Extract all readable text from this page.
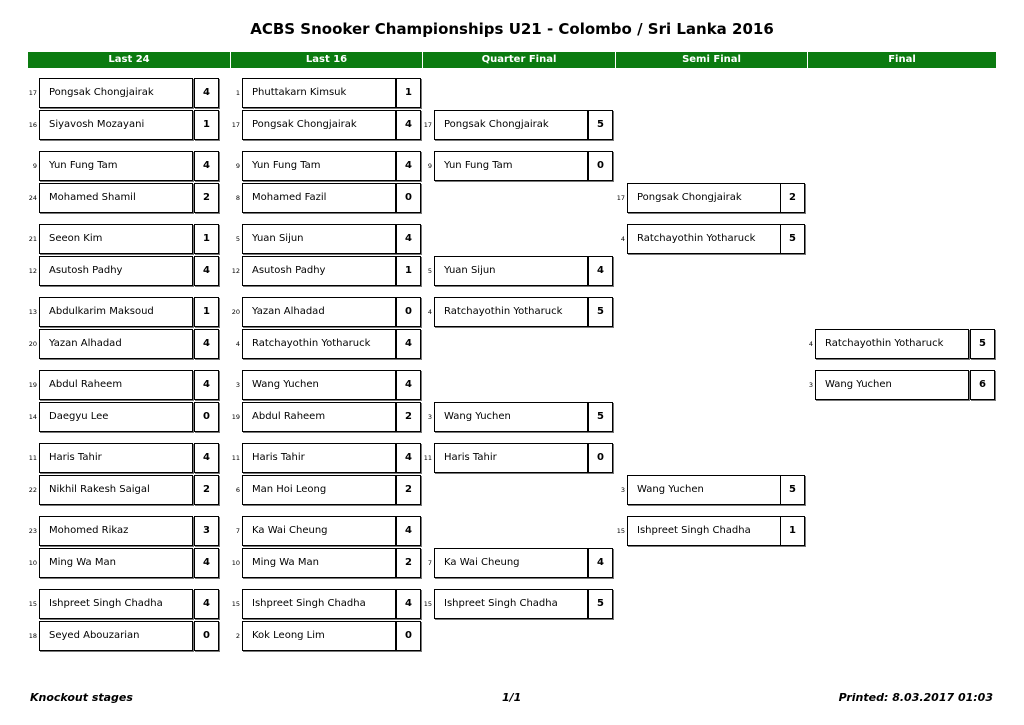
ACBS Snooker Championships U21 - Colombo / Sri Lanka 2016
Last 24
17	Pongsak Chongjairak	4
16	Siyavosh Mozayani	1
9	Yun Fung Tam	4
24	Mohamed Shamil	2
21	Seeon Kim	1
12	Asutosh Padhy	4
13	Abdulkarim Maksoud	1
20	Yazan Alhadad	4
19	Abdul Raheem	4
14	Daegyu Lee	0
11	Haris Tahir	4
22	Nikhil Rakesh Saigal	2
23	Mohomed Rikaz	3
10	Ming Wa Man	4
15	Ishpreet Singh Chadha	4
18	Seyed Abouzarian	0
Last 16
1	Phuttakarn Kimsuk	1
17	Pongsak Chongjairak	4
9	Yun Fung Tam	4
8	Mohamed Fazil	0
5	Yuan Sijun	4
12	Asutosh Padhy	1
20	Yazan Alhadad	0
4	Ratchayothin Yotharuck	4
3	Wang Yuchen	4
19	Abdul Raheem	2
11	Haris Tahir	4
6	Man Hoi Leong	2
7	Ka Wai Cheung	4
10	Ming Wa Man	2
15	Ishpreet Singh Chadha	4
2	Kok Leong Lim	0
Quarter Final
17	Pongsak Chongjairak	5
9	Yun Fung Tam	0
5	Yuan Sijun	4
4	Ratchayothin Yotharuck	5
3	Wang Yuchen	5
11	Haris Tahir	0
7	Ka Wai Cheung	4
15	Ishpreet Singh Chadha	5
Semi Final
17	Pongsak Chongjairak	2
4	Ratchayothin Yotharuck	5
3	Wang Yuchen	5
15	Ishpreet Singh Chadha	1
Final
4	Ratchayothin Yotharuck	5
3	Wang Yuchen	6
Knockout stages	1/1	Printed: 8.03.2017 01:03
